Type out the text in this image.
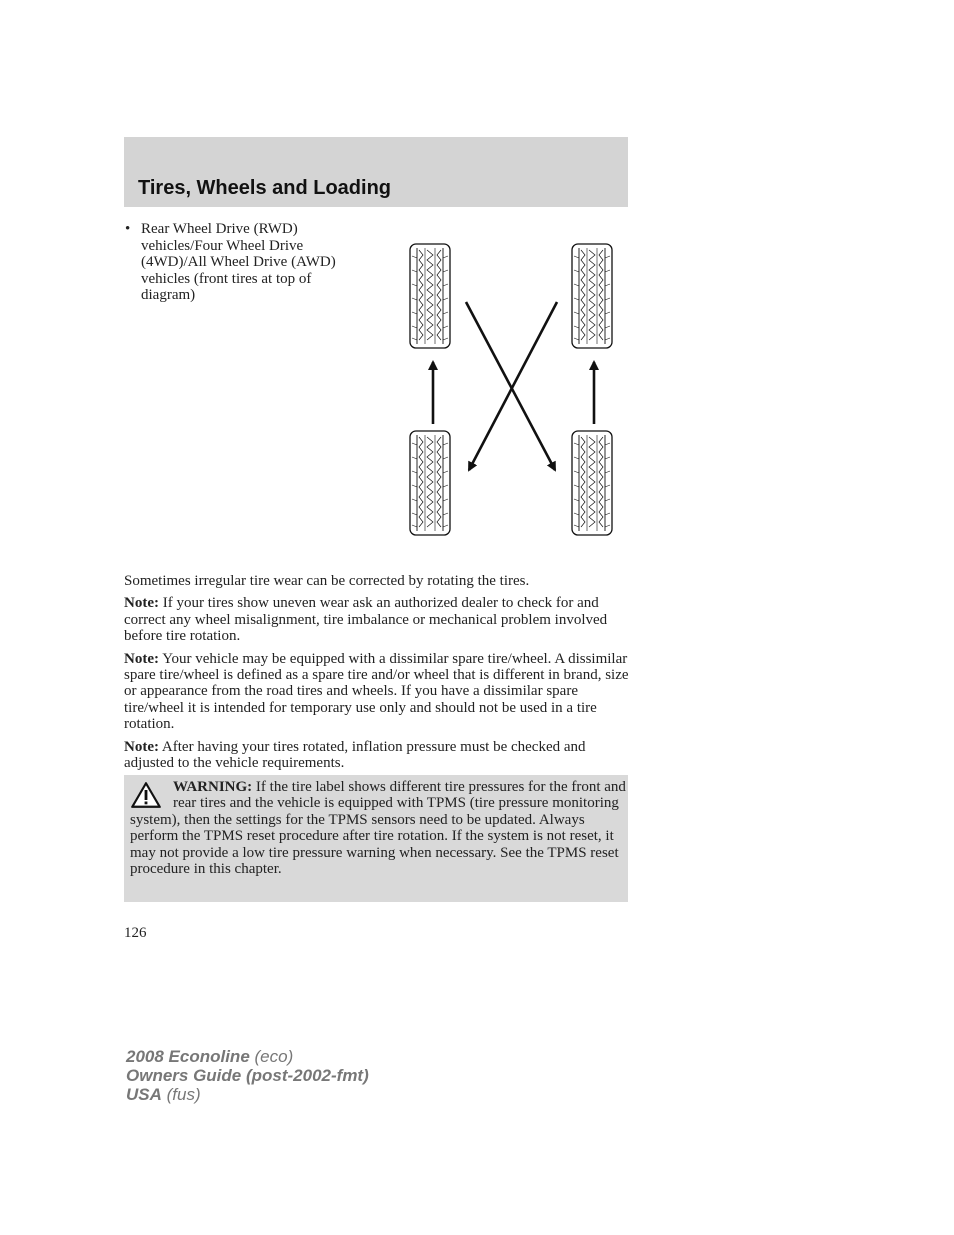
Tires, Wheels and Loading
• Rear Wheel Drive (RWD) vehicles/Four Wheel Drive (4WD)/All Wheel Drive (AWD) vehicles (front tires at top of diagram)

Sometimes irregular tire wear can be corrected by rotating the tires.

Note: If your tires show uneven wear ask an authorized dealer to check for and correct any wheel misalignment, tire imbalance or mechanical problem involved before tire rotation.

Note: Your vehicle may be equipped with a dissimilar spare tire/wheel. A dissimilar spare tire/wheel is defined as a spare tire and/or wheel that is different in brand, size or appearance from the road tires and wheels. If you have a dissimilar spare tire/wheel it is intended for temporary use only and should not be used in a tire rotation.

Note: After having your tires rotated, inflation pressure must be checked and adjusted to the vehicle requirements.

WARNING: If the tire label shows different tire pressures for the front and rear tires and the vehicle is equipped with TPMS (tire pressure monitoring system), then the settings for the TPMS sensors need to be updated. Always perform the TPMS reset procedure after tire rotation. If the system is not reset, it may not provide a low tire pressure warning when necessary. See the TPMS reset procedure in this chapter.

126
2008 Econoline (eco)
Owners Guide (post-2002-fmt)
USA (fus)
